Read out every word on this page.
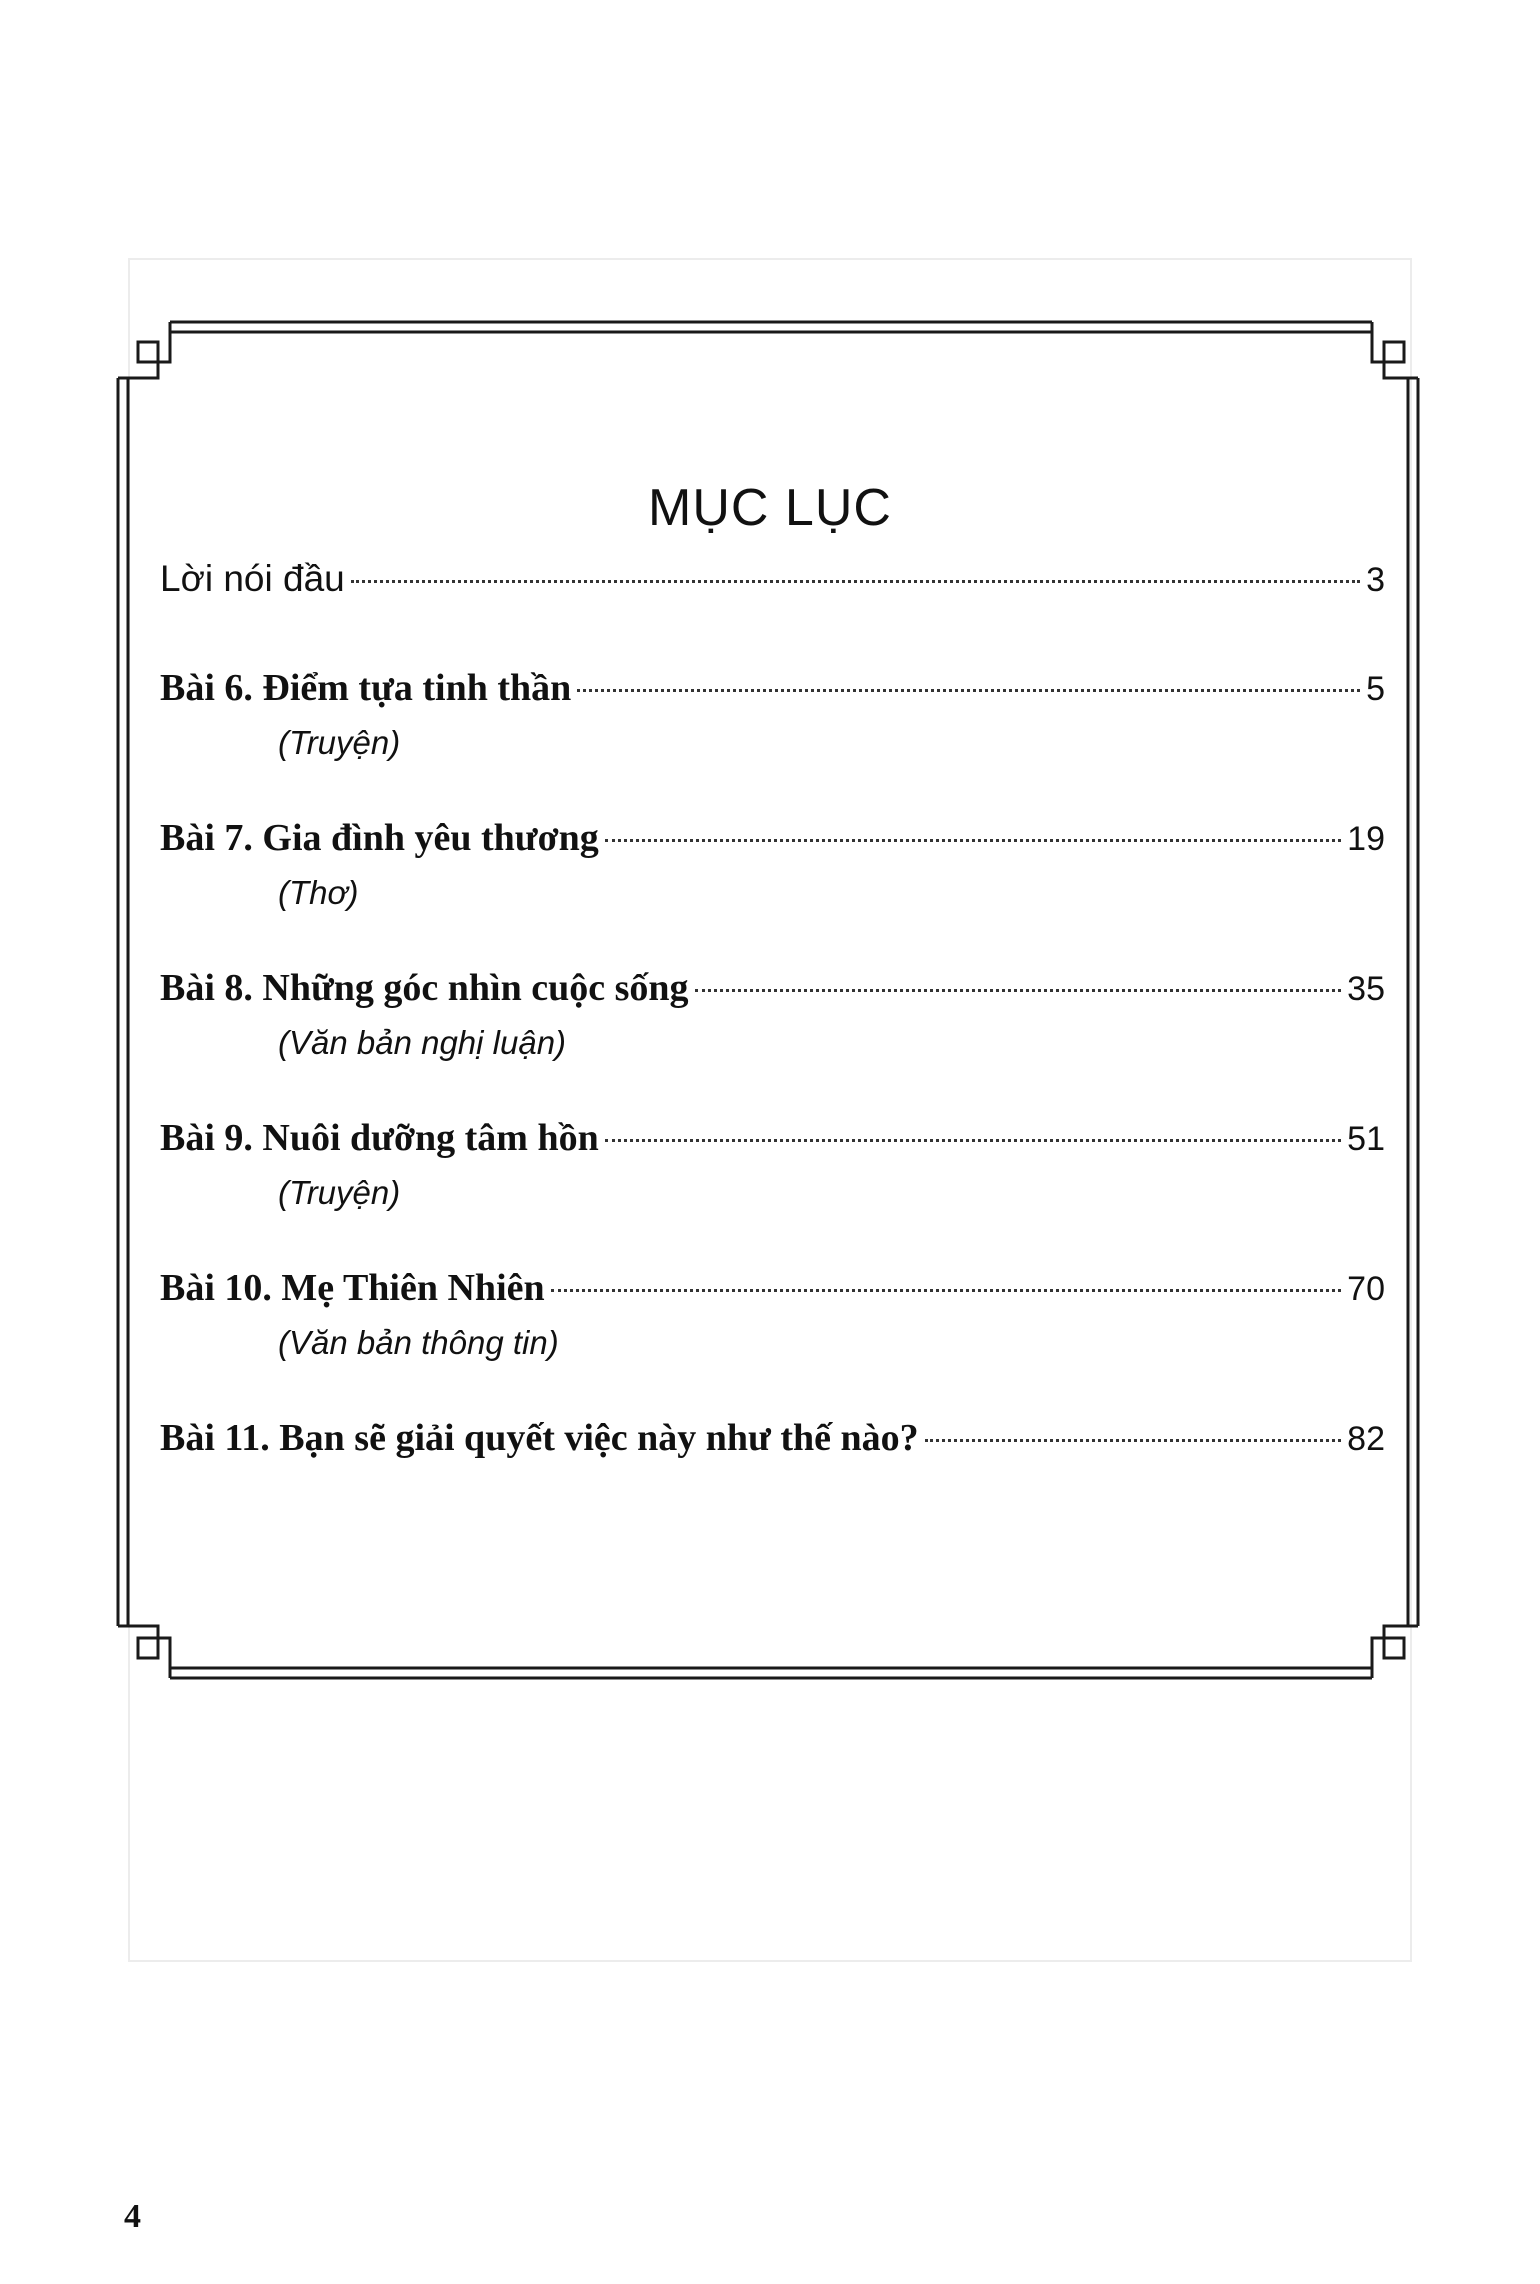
MỤC LỤC
Lời nói đầu	3
Bài 6. Điểm tựa tinh thần	5
(Truyện)
Bài 7. Gia đình yêu thương	19
(Thơ)
Bài 8. Những góc nhìn cuộc sống	35
(Văn bản nghị luận)
Bài 9. Nuôi dưỡng tâm hồn	51
(Truyện)
Bài 10. Mẹ Thiên Nhiên	70
(Văn bản thông tin)
Bài 11. Bạn sẽ giải quyết việc này như thế nào?	82
4
